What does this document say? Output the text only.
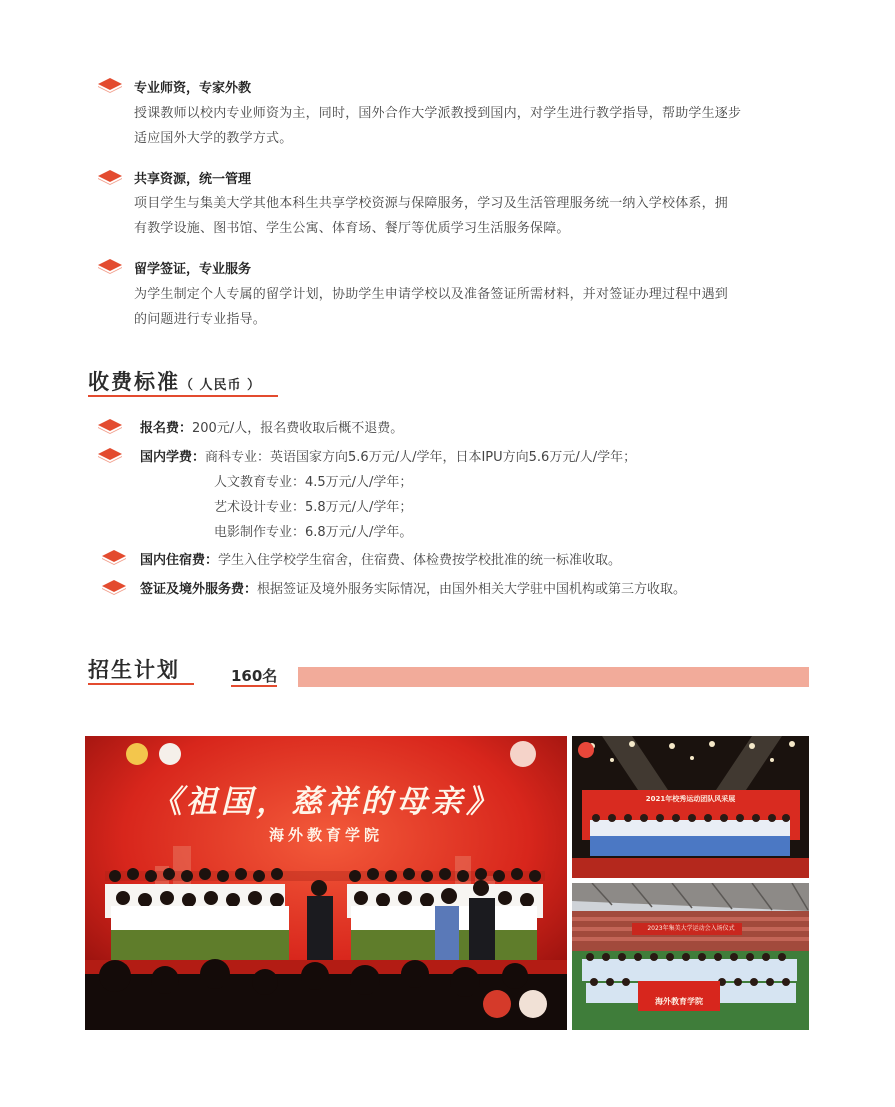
专业师资，专家外教
授课教师以校内专业师资为主，同时，国外合作大学派教授到国内，对学生进行教学指导，帮助学生逐步
适应国外大学的教学方式。
共享资源，统一管理
项目学生与集美大学其他本科生共享学校资源与保障服务，学习及生活管理服务统一纳入学校体系，拥
有教学设施、图书馆、学生公寓、体育场、餐厅等优质学习生活服务保障。
留学签证，专业服务
为学生制定个人专属的留学计划，协助学生申请学校以及准备签证所需材料，并对签证办理过程中遇到
的问题进行专业指导。
收费标准（ 人民币 ）
报名费：200元/人，报名费收取后概不退费。
国内学费：商科专业：英语国家方向5.6万元/人/学年，日本IPU方向5.6万元/人/学年；
人文教育专业：4.5万元/人/学年；
艺术设计专业：5.8万元/人/学年；
电影制作专业：6.8万元/人/学年。
国内住宿费：学生入住学校学生宿舍，住宿费、体检费按学校批准的统一标准收取。
签证及境外服务费：根据签证及境外服务实际情况，由国外相关大学驻中国机构或第三方收取。
招生计划	160名
《祖国，慈祥的母亲》
海外教育学院
2021年校秀运动团队风采展
2023年集美大学运动会入场仪式
海外教育学院
